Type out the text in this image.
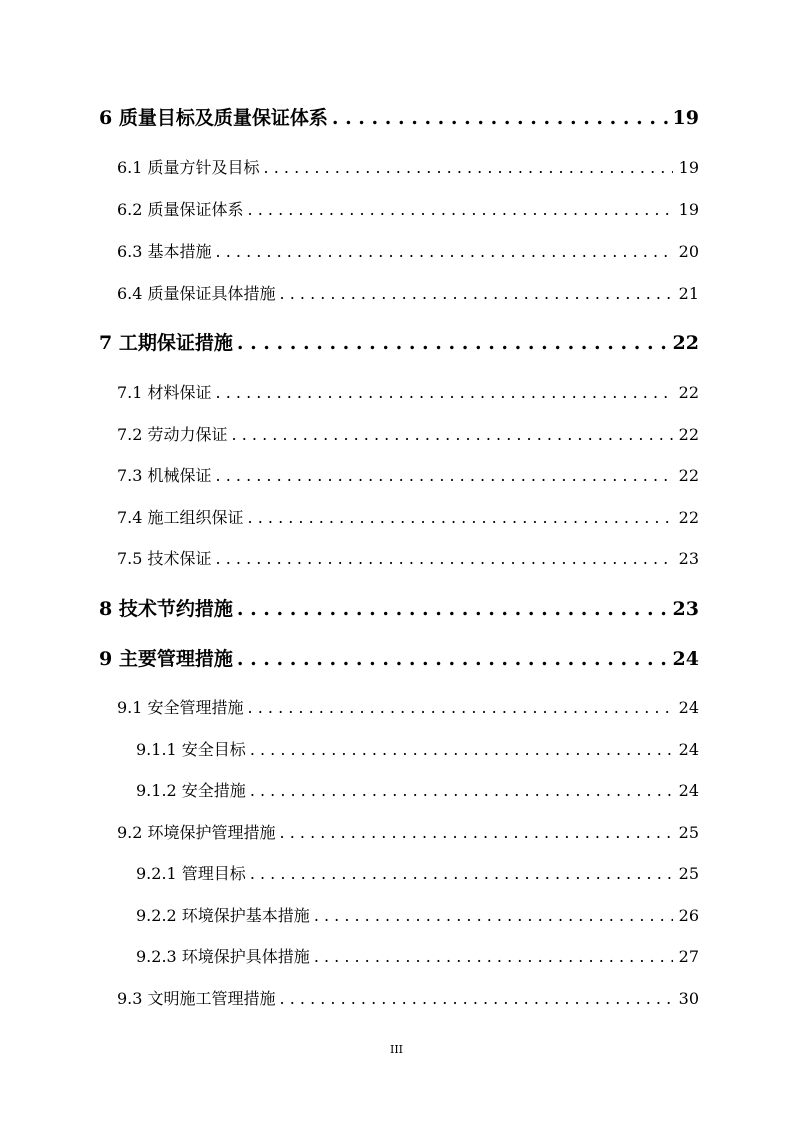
6 质量目标及质量保证体系 . . .	19
6.1 质量方针及目标 . . .	19
6.2 质量保证体系 . . .	19
6.3 基本措施 . . .	20
6.4 质量保证具体措施 . . .	21
7 工期保证措施 . . .	22
7.1 材料保证 . . .	22
7.2 劳动力保证 . . .	22
7.3 机械保证 . . .	22
7.4 施工组织保证 . . .	22
7.5 技术保证 . . .	23
8 技术节约措施 . . .	23
9 主要管理措施 . . .	24
9.1 安全管理措施 . . .	24
9.1.1 安全目标 . . .	24
9.1.2 安全措施 . . .	24
9.2 环境保护管理措施 . . .	25
9.2.1 管理目标 . . .	25
9.2.2 环境保护基本措施 . . .	26
9.2.3 环境保护具体措施 . . .	27
9.3 文明施工管理措施 . . .	30
III
